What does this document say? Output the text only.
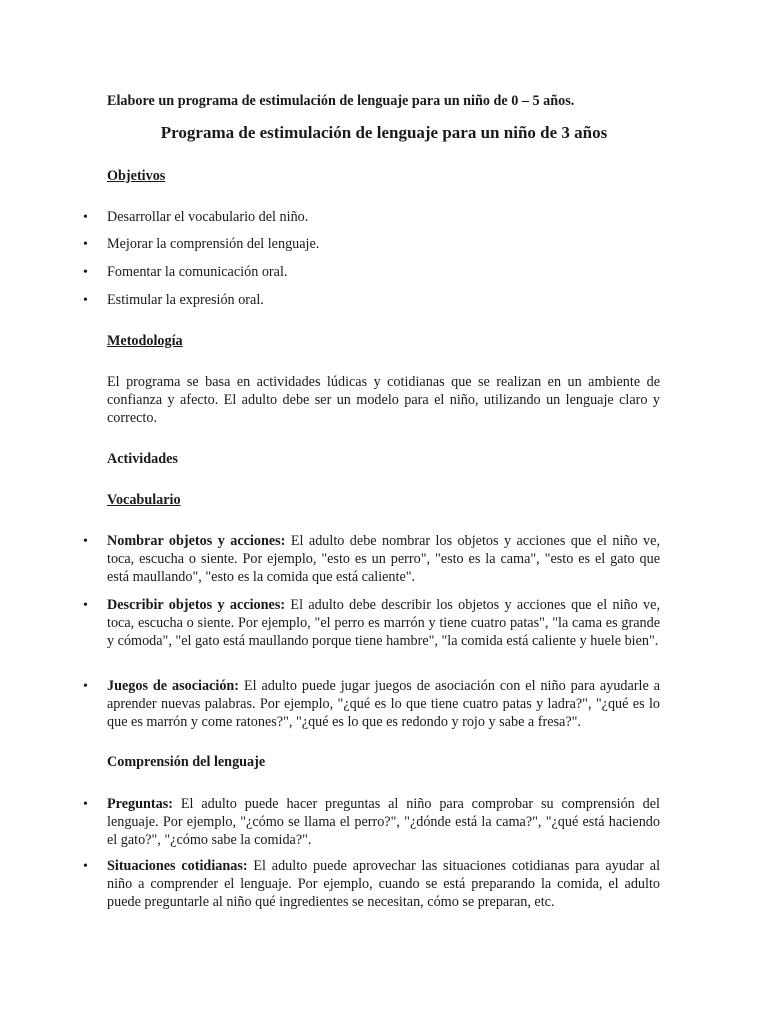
Elabore un programa de estimulación de lenguaje para un niño de 0 – 5 años.

Programa de estimulación de lenguaje para un niño de 3 años

Objetivos

• Desarrollar el vocabulario del niño.

• Mejorar la comprensión del lenguaje.

• Fomentar la comunicación oral.

• Estimular la expresión oral.

Metodología

El programa se basa en actividades lúdicas y cotidianas que se realizan en un ambiente de confianza y afecto. El adulto debe ser un modelo para el niño, utilizando un lenguaje claro y correcto.

Actividades

Vocabulario

• Nombrar objetos y acciones: El adulto debe nombrar los objetos y acciones que el niño ve, toca, escucha o siente. Por ejemplo, "esto es un perro", "esto es la cama", "esto es el gato que está maullando", "esto es la comida que está caliente".

• Describir objetos y acciones: El adulto debe describir los objetos y acciones que el niño ve, toca, escucha o siente. Por ejemplo, "el perro es marrón y tiene cuatro patas", "la cama es grande y cómoda", "el gato está maullando porque tiene hambre", "la comida está caliente y huele bien".

• Juegos de asociación: El adulto puede jugar juegos de asociación con el niño para ayudarle a aprender nuevas palabras. Por ejemplo, "¿qué es lo que tiene cuatro patas y ladra?", "¿qué es lo que es marrón y come ratones?", "¿qué es lo que es redondo y rojo y sabe a fresa?".

Comprensión del lenguaje

• Preguntas: El adulto puede hacer preguntas al niño para comprobar su comprensión del lenguaje. Por ejemplo, "¿cómo se llama el perro?", "¿dónde está la cama?", "¿qué está haciendo el gato?", "¿cómo sabe la comida?".

• Situaciones cotidianas: El adulto puede aprovechar las situaciones cotidianas para ayudar al niño a comprender el lenguaje. Por ejemplo, cuando se está preparando la comida, el adulto puede preguntarle al niño qué ingredientes se necesitan, cómo se preparan, etc.
